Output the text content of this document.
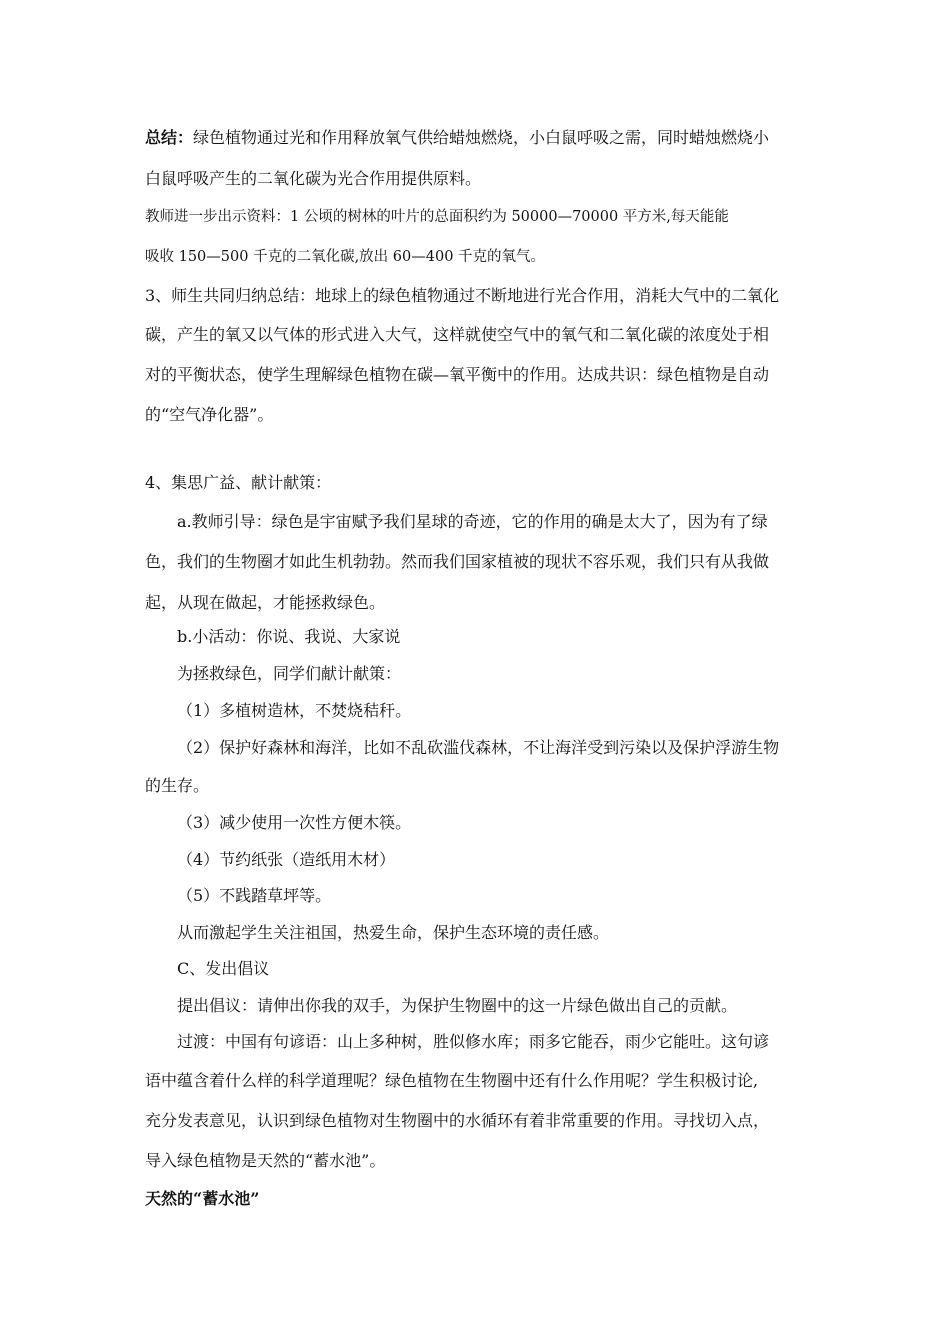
总结：绿色植物通过光和作用释放氧气供给蜡烛燃烧，小白鼠呼吸之需，同时蜡烛燃烧小
白鼠呼吸产生的二氧化碳为光合作用提供原料。
教师进一步出示资料：1 公顷的树林的叶片的总面积约为 50000—70000 平方米,每天能能
吸收 150—500 千克的二氧化碳,放出 60—400 千克的氧气。
3、师生共同归纳总结：地球上的绿色植物通过不断地进行光合作用，消耗大气中的二氧化
碳，产生的氧又以气体的形式进入大气，这样就使空气中的氧气和二氧化碳的浓度处于相
对的平衡状态，使学生理解绿色植物在碳—氧平衡中的作用。达成共识：绿色植物是自动
的“空气净化器”。
4、集思广益、献计献策：
a.教师引导：绿色是宇宙赋予我们星球的奇迹，它的作用的确是太大了，因为有了绿
色，我们的生物圈才如此生机勃勃。然而我们国家植被的现状不容乐观，我们只有从我做
起，从现在做起，才能拯救绿色。
b.小活动：你说、我说、大家说
为拯救绿色，同学们献计献策：
（1）多植树造林，不焚烧秸秆。
（2）保护好森林和海洋，比如不乱砍滥伐森林，不让海洋受到污染以及保护浮游生物
的生存。
（3）减少使用一次性方便木筷。
（4）节约纸张（造纸用木材）
（5）不践踏草坪等。
从而激起学生关注祖国，热爱生命，保护生态环境的责任感。
C、发出倡议
提出倡议：请伸出你我的双手，为保护生物圈中的这一片绿色做出自己的贡献。
过渡：中国有句谚语：山上多种树，胜似修水库；雨多它能吞，雨少它能吐。这句谚
语中蕴含着什么样的科学道理呢？绿色植物在生物圈中还有什么作用呢？学生积极讨论,
充分发表意见，认识到绿色植物对生物圈中的水循环有着非常重要的作用。寻找切入点，
导入绿色植物是天然的“蓄水池”。
天然的“蓄水池”
